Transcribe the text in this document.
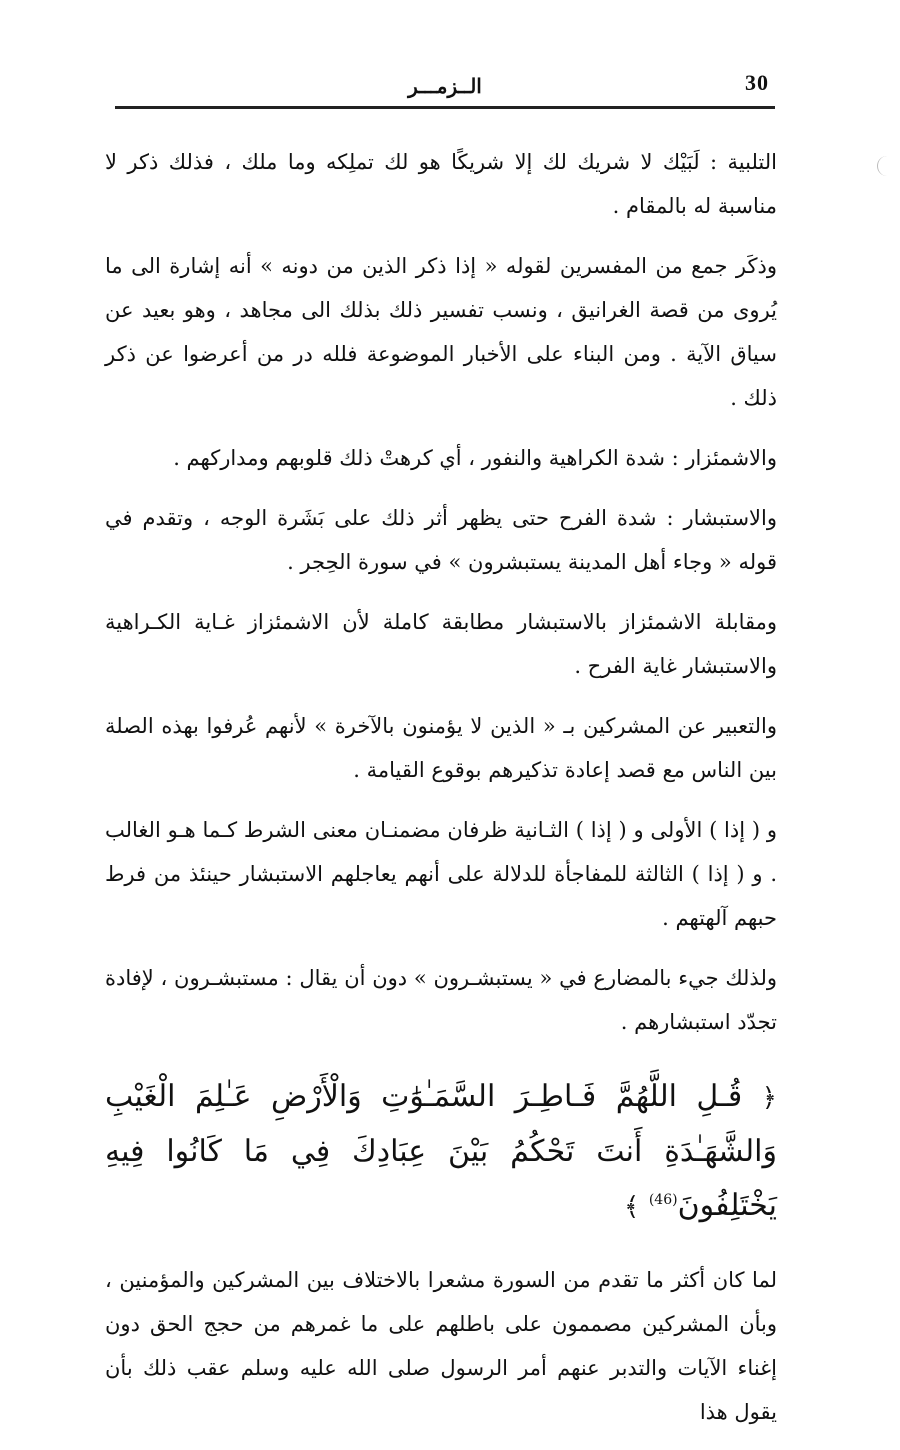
30
الــزمـــر

التلبية : لَبَيْك لا شريك لك إلا شريكًا هو لك تملِكه وما ملك ، فذلك ذكر لا مناسبة له بالمقام .

وذكَر جمع من المفسرين لقوله « إذا ذكر الذين من دونه » أنه إشارة الى ما يُروى من قصة الغرانيق ، ونسب تفسير ذلك بذلك الى مجاهد ، وهو بعيد عن سياق الآية . ومن البناء على الأخبار الموضوعة فلله در من أعرضوا عن ذكر ذلك .

والاشمئزار : شدة الكراهية والنفور ، أي كرهتْ ذلك قلوبهم ومداركهم .

والاستبشار : شدة الفرح حتى يظهر أثر ذلك على بَشَرة الوجه ، وتقدم في قوله « وجاء أهل المدينة يستبشرون » في سورة الحِجر .

ومقابلة الاشمئزاز بالاستبشار مطابقة كاملة لأن الاشمئزاز غـاية الكـراهية والاستبشار غاية الفرح .

والتعبير عن المشركين بـ « الذين لا يؤمنون بالآخرة » لأنهم عُرفوا بهذه الصلة بين الناس مع قصد إعادة تذكيرهم بوقوع القيامة .

و ( إذا ) الأولى و ( إذا ) الثـانية ظرفان مضمنـان معنى الشرط كـما هـو الغالب . و ( إذا ) الثالثة للمفاجأة للدلالة على أنهم يعاجلهم الاستبشار حينئذ من فرط حبهم آلهتهم .

ولذلك جيء بالمضارع في « يستبشـرون » دون أن يقال : مستبشـرون ، لإفادة تجدّد استبشارهم .

﴿ قُـلِ اللَّهُمَّ فَـاطِـرَ السَّمَـٰوَٰتِ وَالْأَرْضِ عَـٰلِمَ الْغَيْبِ وَالشَّهَـٰدَةِ أَنتَ تَحْكُمُ بَيْنَ عِبَادِكَ فِي مَا كَانُوا فِيهِ يَخْتَلِفُونَ$^{(46)}$ ﴾

لما كان أكثر ما تقدم من السورة مشعرا بالاختلاف بين المشركين والمؤمنين ، وبأن المشركين مصممون على باطلهم على ما غمرهم من حجج الحق دون إغناء الآيات والتدبر عنهم أمر الرسول صلى الله عليه وسلم عقب ذلك بأن يقول هذا
